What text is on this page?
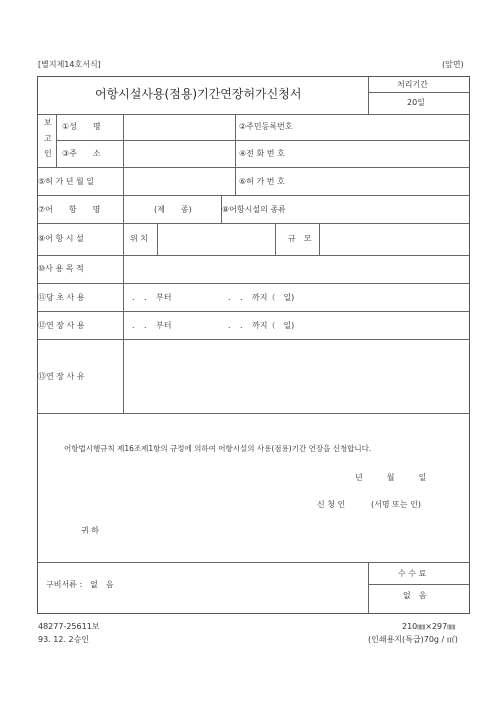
[별지제14호서식]	(앞면)
어항시설사용(점용)기간연장허가신청서
처리기간
20일
보
고
인
①성　　명	②주민등록번호
③주　　소	④전 화 번 호
⑤허 가 년 월 일	⑥허 가 번 호
⑦어　　항　　명	(제　　종)	⑧어항시설의 종류
⑨어 항 시 설	위 치	규　모
⑩사 용 목 적
⑪당 초 사 용	．　．　부터	．　．　까지（　일)
⑫연 장 사 용	．　．　부터	．　．　까지（　일)
⑬연 장 사 유
어항법시행규칙 제16조제1항의 규정에 의하여 어항시설의 사용(점용)기간 연장을 신청합니다.
년　　　월　　　일
신 청 인	(서명 또는 인)
귀 하
구비서류 :　없　음
수 수 료
없　음
48277-25611보
93. 12. 2승인
210㎜×297㎜
(인쇄용지(특급)70g / ㎡)
